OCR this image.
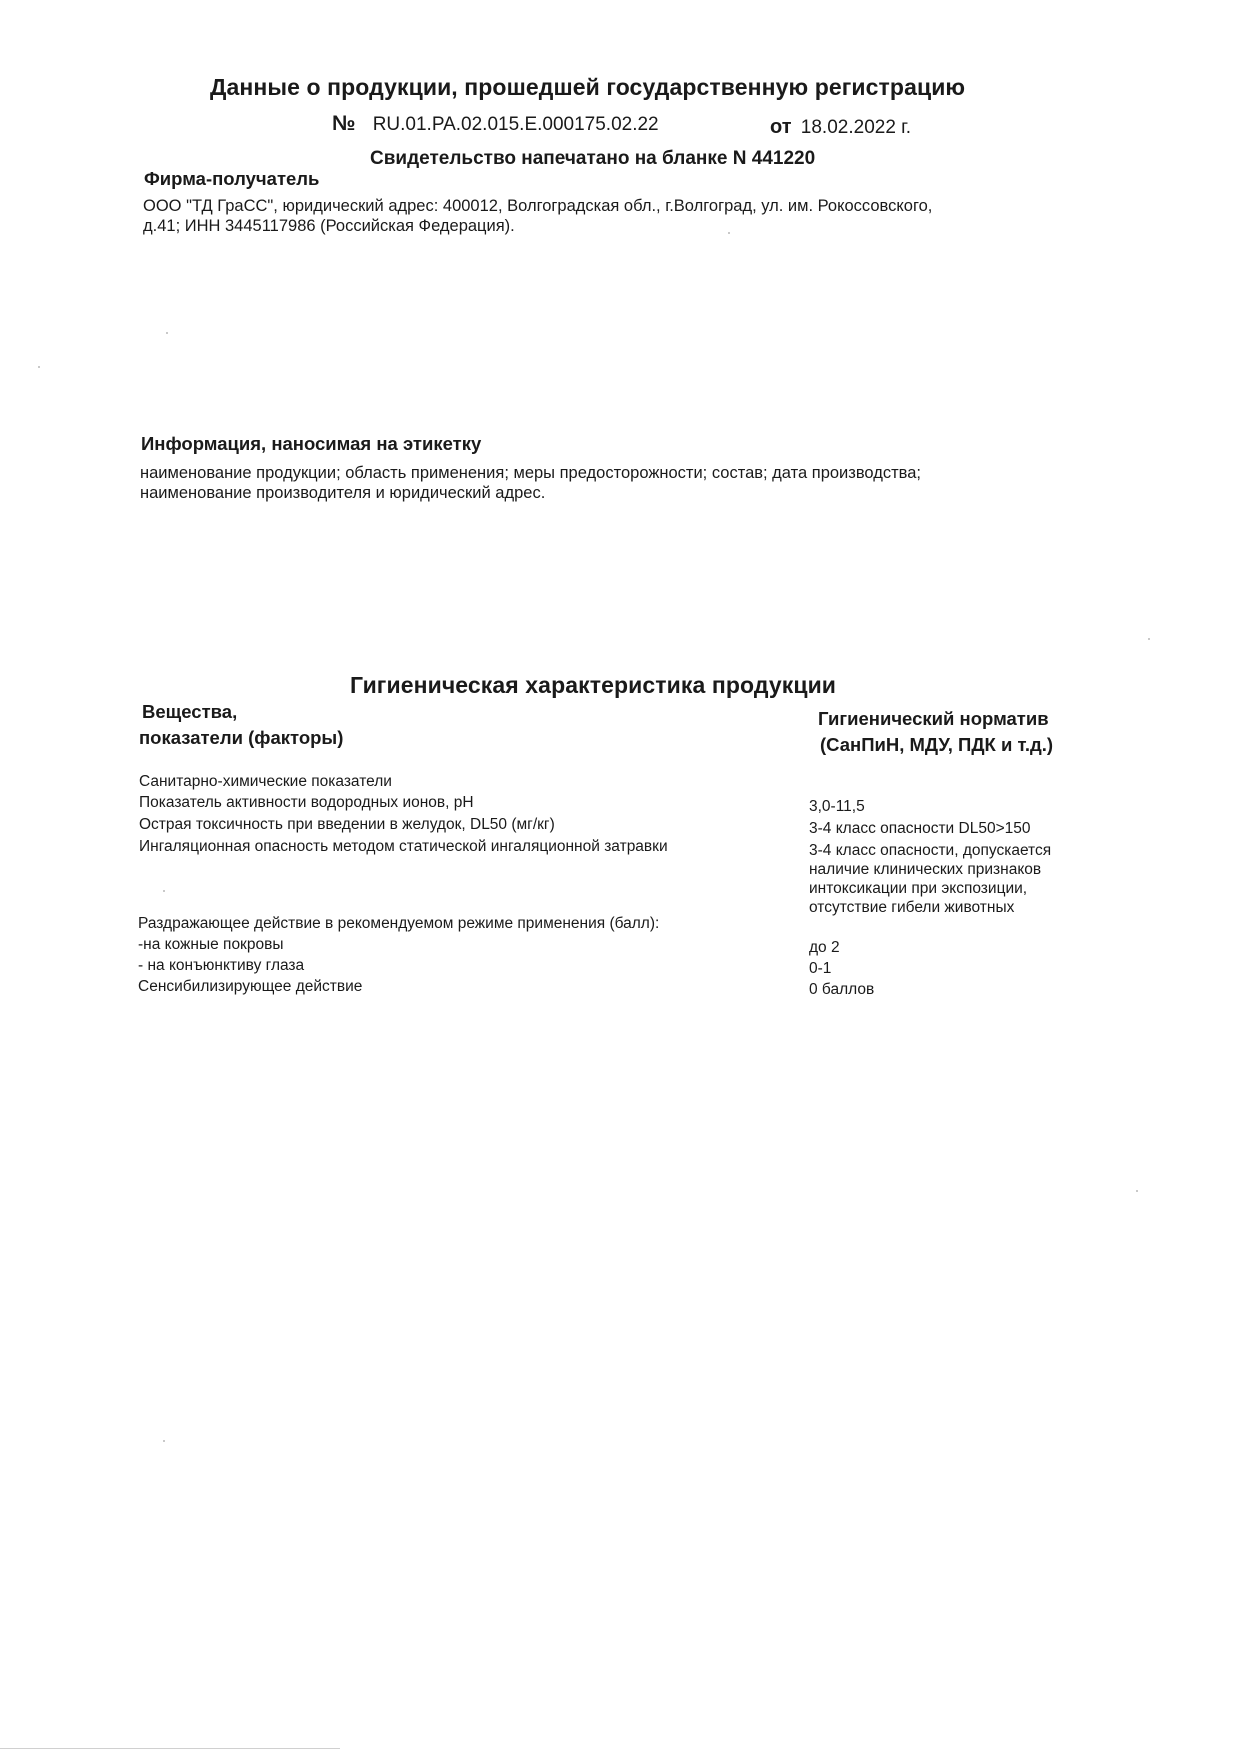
Данные о продукции, прошедшей государственную регистрацию
№ RU.01.PA.02.015.E.000175.02.22	от 18.02.2022 г.
Свидетельство напечатано на бланке N 441220
Фирма-получатель
ООО "ТД ГраСС", юридический адрес: 400012, Волгоградская обл., г.Волгоград, ул. им. Рокоссовского,
д.41; ИНН 3445117986 (Российская Федерация).
Информация, наносимая на этикетку
наименование продукции; область применения; меры предосторожности; состав; дата производства;
наименование производителя и юридический адрес.
Гигиеническая характеристика продукции
Вещества,
показатели (факторы)
Гигиенический норматив
(СанПиН, МДУ, ПДК и т.д.)
Санитарно-химические показатели
Показатель активности водородных ионов, pH
Острая токсичность при введении в желудок, DL50 (мг/кг)
Ингаляционная опасность методом статической ингаляционной затравки
Раздражающее действие в рекомендуемом режиме применения (балл):
-на кожные покровы
- на конъюнктиву глаза
Сенсибилизирующее действие
3,0-11,5
3-4 класс опасности DL50>150
3-4 класс опасности, допускается
наличие клинических признаков
интоксикации при экспозиции,
отсутствие гибели животных
до 2
0-1
0 баллов
